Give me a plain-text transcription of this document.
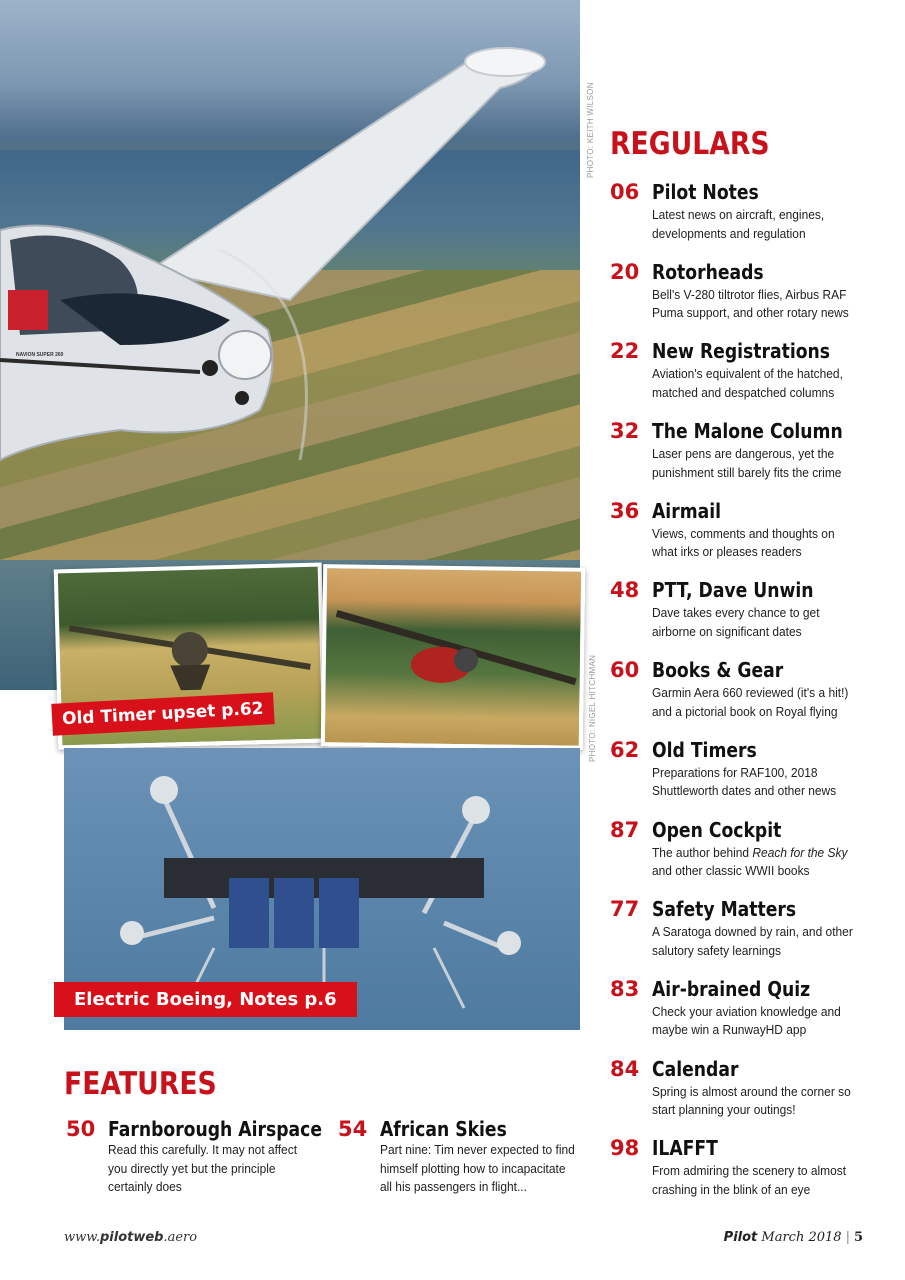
NAVION SUPER 260
PHOTO: KEITH WILSON
PHOTO: NIGEL HITCHMAN
Old Timer upset p.62
Electric Boeing, Notes p.6
REGULARS
06 Pilot Notes
Latest news on aircraft, engines,
developments and regulation
20 Rotorheads
Bell's V-280 tiltrotor flies, Airbus RAF
Puma support, and other rotary news
22 New Registrations
Aviation's equivalent of the hatched,
matched and despatched columns
32 The Malone Column
Laser pens are dangerous, yet the
punishment still barely fits the crime
36 Airmail
Views, comments and thoughts on
what irks or pleases readers
48 PTT, Dave Unwin
Dave takes every chance to get
airborne on significant dates
60 Books & Gear
Garmin Aera 660 reviewed (it's a hit!)
and a pictorial book on Royal flying
62 Old Timers
Preparations for RAF100, 2018
Shuttleworth dates and other news
87 Open Cockpit
The author behind Reach for the Sky
and other classic WWII books
77 Safety Matters
A Saratoga downed by rain, and other
salutory safety learnings
83 Air-brained Quiz
Check your aviation knowledge and
maybe win a RunwayHD app
84 Calendar
Spring is almost around the corner so
start planning your outings!
98 ILAFFT
From admiring the scenery to almost
crashing in the blink of an eye
FEATURES
50 Farnborough Airspace
Read this carefully. It may not affect
you directly yet but the principle
certainly does
54 African Skies
Part nine: Tim never expected to find
himself plotting how to incapacitate
all his passengers in flight...
www.pilotweb.aero	Pilot March 2018 | 5
